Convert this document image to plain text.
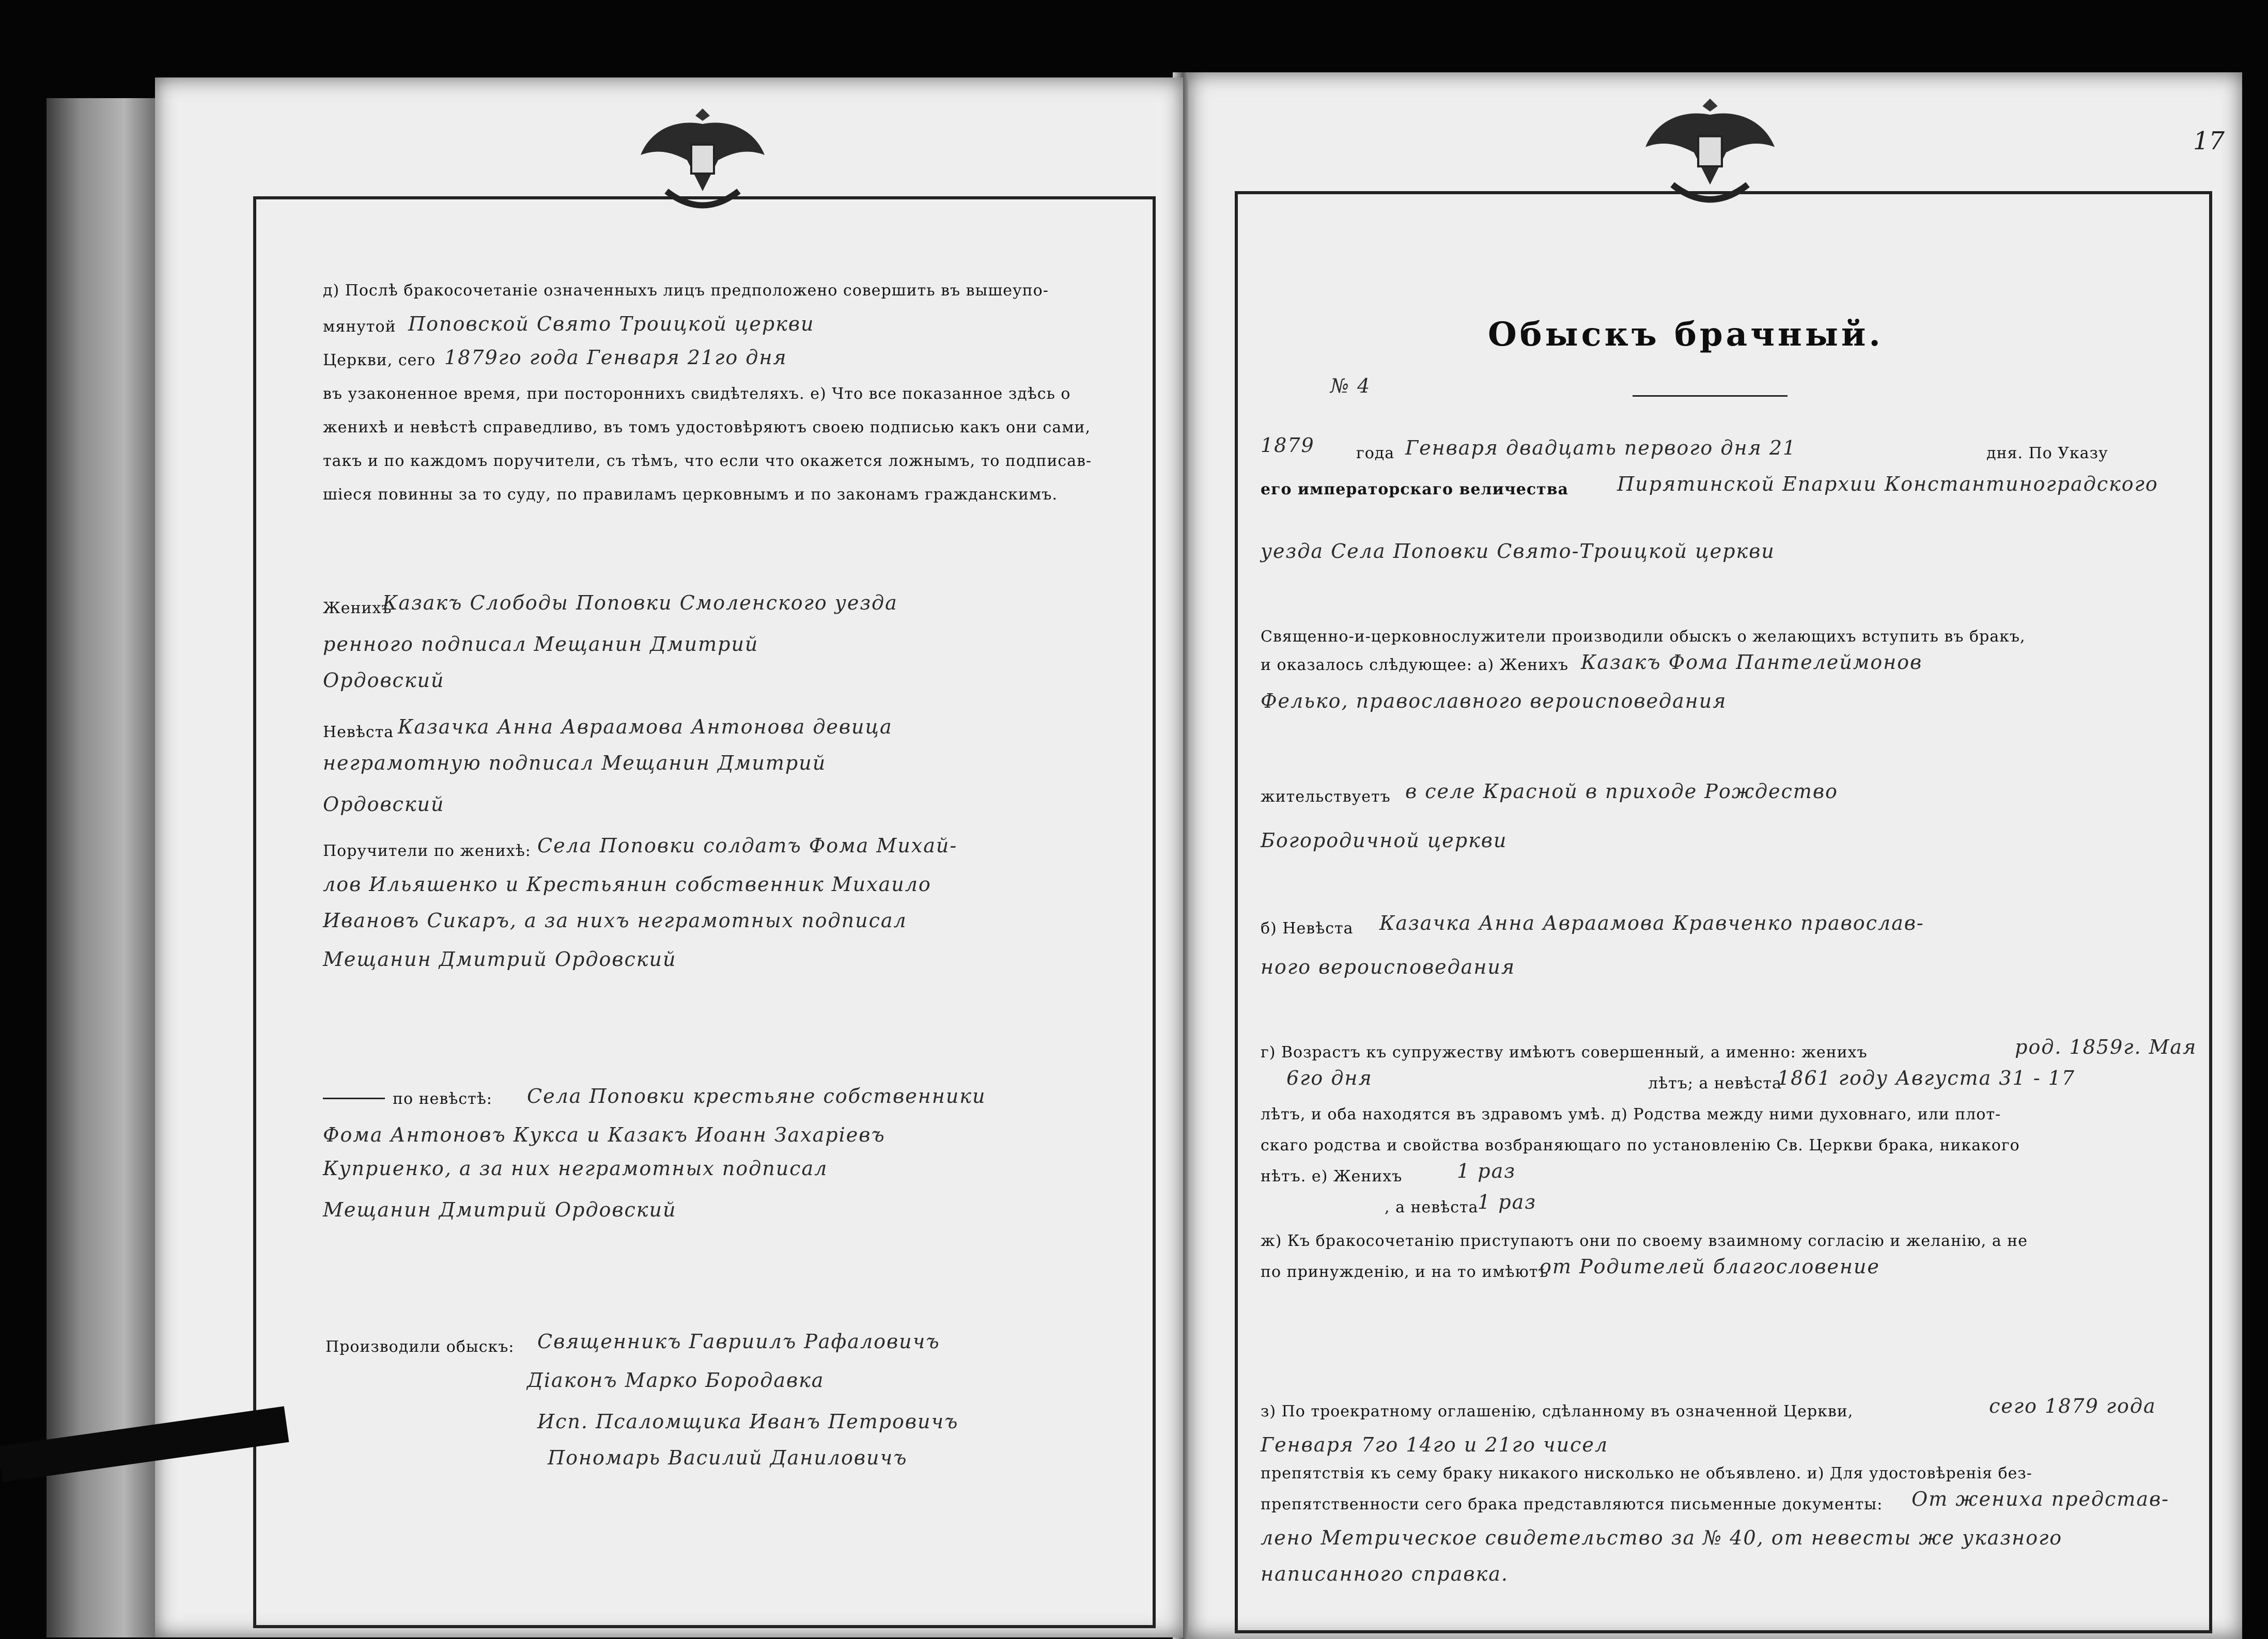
д) Послѣ бракосочетанiе означенныхъ лицъ предположено совершить въ вышеупо-
мянутой Поповской Свято Троицкой церкви
Церкви, сего 1879го года Генваря 21го дня
въ узаконенное время, при постороннихъ свидѣтеляхъ. е) Что все показанное здѣсь о
женихѣ и невѣстѣ справедливо, въ томъ удостовѣряютъ своею подписью какъ они сами,
такъ и по каждомъ поручители, съ тѣмъ, что если что окажется ложнымъ, то подписав-
шiеся повинны за то суду, по правиламъ церковнымъ и по законамъ гражданскимъ.
Женихъ
Казакъ Слободы Поповки Смоленского уезда
ренного подписал Мещанин Дмитрий
Ордовский
Невѣста Казачка Анна Авраамова Антонова девица
неграмотную подписал Мещанин Дмитрий
Ордовский
Поручители по женихѣ: Села Поповки солдатъ Фома Михай-
лов Ильяшенко и Крестьянин собственник Михаило
Ивановъ Сикаръ, а за нихъ неграмотных подписал
Мещанин Дмитрий Ордовский
по невѣстѣ: Села Поповки крестьяне собственники
Фома Антоновъ Кукса и Казакъ Иоанн Захарiевъ
Куприенко, а за них неграмотных подписал
Мещанин Дмитрий Ордовский
Производили обыскъ: Священникъ Гавриилъ Рафаловичъ
Дiаконъ Марко Бородавка
Исп. Псаломщика Иванъ Петровичъ
Пономарь Василий Даниловичъ
17
Обыскъ брачный.
№ 4
1879	года Генваря двадцать первого дня 21	дня. По Указу
его императорскаго величества Пирятинской Епархии Константиноградского
уезда Села Поповки Свято-Троицкой церкви
Священно-и-церковнослужители производили обыскъ о желающихъ вступить въ бракъ,
и оказалось слѣдующее: а) Женихъ Казакъ Фома Пантелеймонов
Фелько, православного вероисповедания
жительствуетъ в селе Красной в приходе Рождество
Богородичной церкви
б) Невѣста Казачка Анна Авраамова Кравченко православ-
ного вероисповедания
г) Возрастъ къ супружеству имѣютъ совершенный, а именно: женихъ	род. 1859г. Мая
6го дня	лѣтъ; а невѣста
1861 году Августа 31 - 17
лѣтъ, и оба находятся въ здравомъ умѣ. д) Родства между ними духовнаго, или плот-
скаго родства и свойства возбраняющаго по установленiю Св. Церкви брака, никакого
нѣтъ. е) Женихъ	1 раз
, а невѣста
1 раз
ж) Къ бракосочетанiю приступаютъ они по своему взаимному согласiю и желанiю, а не
по принужденiю, и на то имѣютъ
от Родителей благословение
з) По троекратному оглашенiю, сдѣланному въ означенной Церкви,	сего 1879 года
Генваря 7го 14го и 21го чисел
препятствiя къ сему браку никакого нисколько не объявлено. и) Для удостовѣренiя без-
препятственности сего брака представляются письменные документы: От жениха представ-
лено Метрическое свидетельство за № 40, от невесты же указного
написанного справка.
